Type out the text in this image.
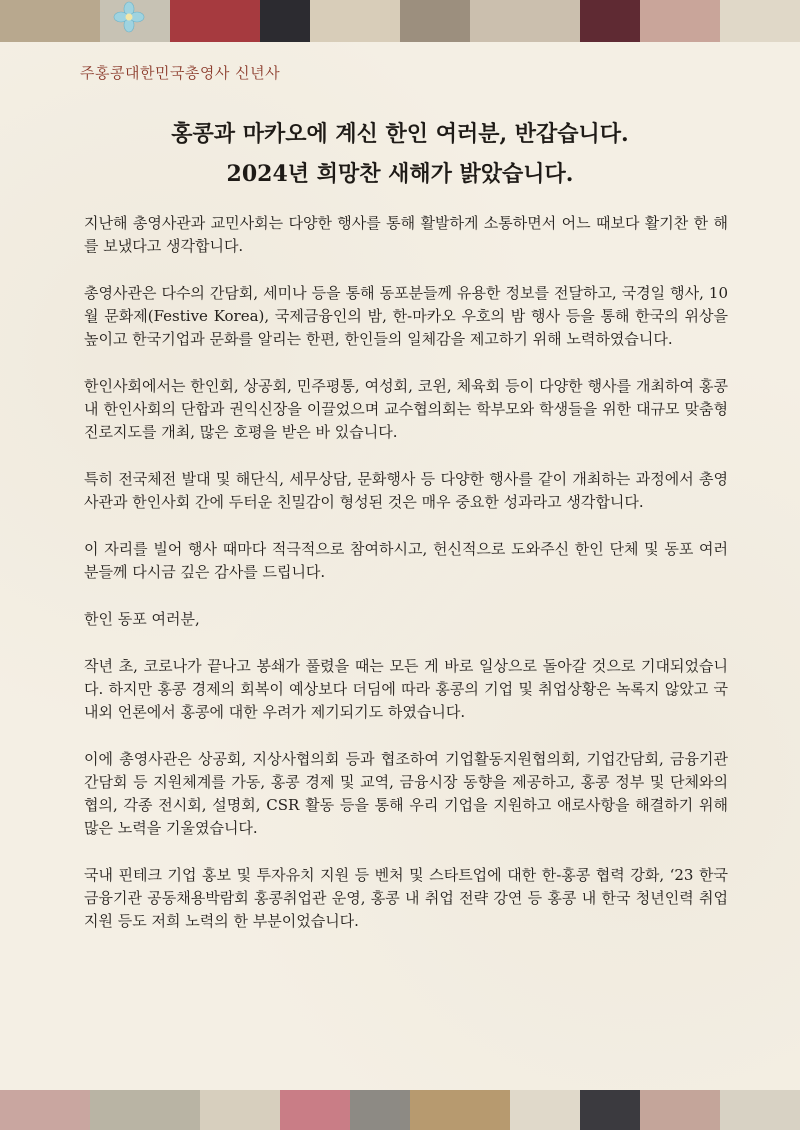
주홍콩대한민국총영사 신년사
홍콩과 마카오에 계신 한인 여러분, 반갑습니다.
2024년 희망찬 새해가 밝았습니다.

지난해 총영사관과 교민사회는 다양한 행사를 통해 활발하게 소통하면서 어느 때보다 활기찬 한 해를 보냈다고 생각합니다.

총영사관은 다수의 간담회, 세미나 등을 통해 동포분들께 유용한 정보를 전달하고, 국경일 행사, 10월 문화제(Festive Korea), 국제금융인의 밤, 한-마카오 우호의 밤 행사 등을 통해 한국의 위상을 높이고 한국기업과 문화를 알리는 한편, 한인들의 일체감을 제고하기 위해 노력하였습니다.

한인사회에서는 한인회, 상공회, 민주평통, 여성회, 코윈, 체육회 등이 다양한 행사를 개최하여 홍콩 내 한인사회의 단합과 권익신장을 이끌었으며 교수협의회는 학부모와 학생들을 위한 대규모 맞춤형 진로지도를 개최, 많은 호평을 받은 바 있습니다.

특히 전국체전 발대 및 해단식, 세무상담, 문화행사 등 다양한 행사를 같이 개최하는 과정에서 총영사관과 한인사회 간에 두터운 친밀감이 형성된 것은 매우 중요한 성과라고 생각합니다.

이 자리를 빌어 행사 때마다 적극적으로 참여하시고, 헌신적으로 도와주신 한인 단체 및 동포 여러분들께 다시금 깊은 감사를 드립니다.

한인 동포 여러분,

작년 초, 코로나가 끝나고 봉쇄가 풀렸을 때는 모든 게 바로 일상으로 돌아갈 것으로 기대되었습니다. 하지만 홍콩 경제의 회복이 예상보다 더딤에 따라 홍콩의 기업 및 취업상황은 녹록지 않았고 국내외 언론에서 홍콩에 대한 우려가 제기되기도 하였습니다.

이에 총영사관은 상공회, 지상사협의회 등과 협조하여 기업활동지원협의회, 기업간담회, 금융기관간담회 등 지원체계를 가동, 홍콩 경제 및 교역, 금융시장 동향을 제공하고, 홍콩 정부 및 단체와의 협의, 각종 전시회, 설명회, CSR 활동 등을 통해 우리 기업을 지원하고 애로사항을 해결하기 위해 많은 노력을 기울였습니다.

국내 핀테크 기업 홍보 및 투자유치 지원 등 벤처 및 스타트업에 대한 한-홍콩 협력 강화, ‘23 한국 금융기관 공동채용박람회 홍콩취업관 운영, 홍콩 내 취업 전략 강연 등 홍콩 내 한국 청년인력 취업지원 등도 저희 노력의 한 부분이었습니다.
